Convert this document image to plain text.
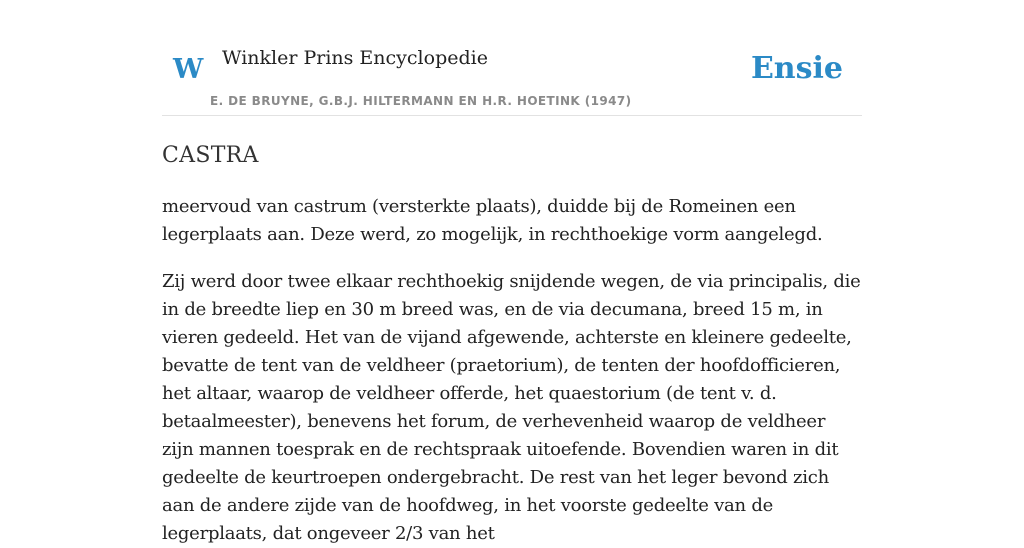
W Winkler Prins Encyclopedie
E. DE BRUYNE, G.B.J. HILTERMANN EN H.R. HOETINK (1947)
Ensie
CASTRA

meervoud van castrum (versterkte plaats), duidde bij de Romeinen een legerplaats aan. Deze werd, zo mogelijk, in rechthoekige vorm aangelegd.

Zij werd door twee elkaar rechthoekig snijdende wegen, de via principalis, die in de breedte liep en 30 m breed was, en de via decumana, breed 15 m, in vieren gedeeld. Het van de vijand afgewende, achterste en kleinere gedeelte, bevatte de tent van de veldheer (praetorium), de tenten der hoofdofficieren, het altaar, waarop de veldheer offerde, het quaestorium (de tent v. d. betaalmeester), benevens het forum, de verhevenheid waarop de veldheer zijn mannen toesprak en de rechtspraak uitoefende. Bovendien waren in dit gedeelte de keurtroepen ondergebracht. De rest van het leger bevond zich aan de andere zijde van de hoofdweg, in het voorste gedeelte van de legerplaats, dat ongeveer 2/3 van het
